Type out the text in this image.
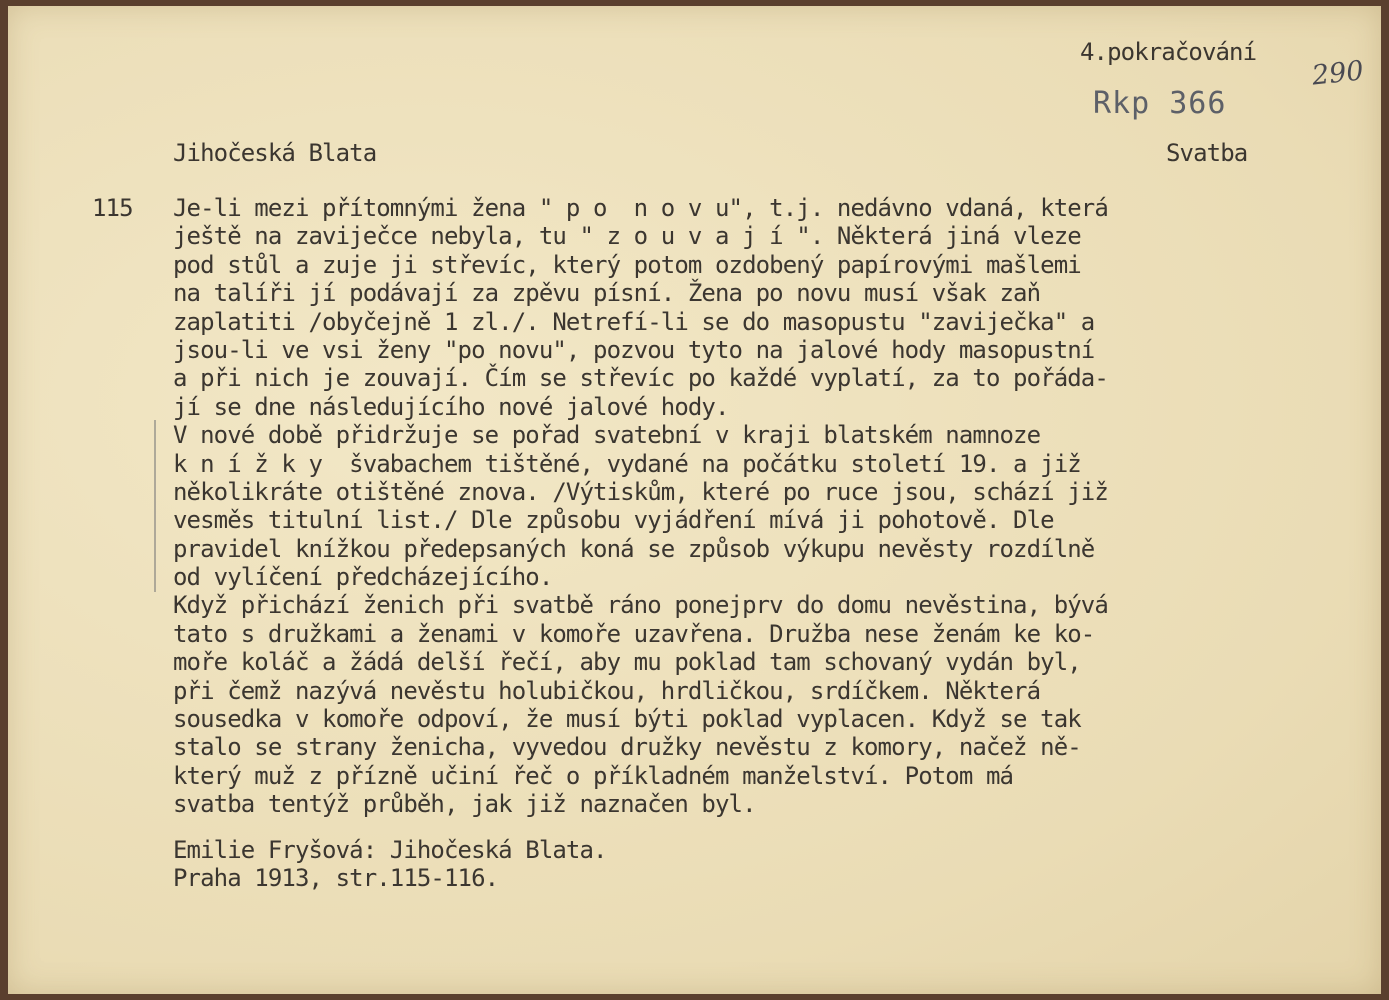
4.pokračování
290
Rkp 366
Jihočeská Blata	Svatba
115 Je-li mezi přítomnými žena " p o  n o v u", t.j. nedávno vdaná, která
ještě na zaviječce nebyla, tu " z o u v a j í ". Některá jiná vleze
pod stůl a zuje ji střevíc, který potom ozdobený papírovými mašlemi
na talíři jí podávají za zpěvu písní. Žena po novu musí však zaň
zaplatiti /obyčejně 1 zl./. Netrefí-li se do masopustu "zaviječka" a
jsou-li ve vsi ženy "po novu", pozvou tyto na jalové hody masopustní
a při nich je zouvají. Čím se střevíc po každé vyplatí, za to pořáda-
jí se dne následujícího nové jalové hody.
V nové době přidržuje se pořad svatební v kraji blatském namnoze
k n í ž k y  švabachem tištěné, vydané na počátku století 19. a již
několikráte otištěné znova. /Výtiskům, které po ruce jsou, schází již
vesměs titulní list./ Dle způsobu vyjádření mívá ji pohotově. Dle
pravidel knížkou předepsaných koná se způsob výkupu nevěsty rozdílně
od vylíčení předcházejícího.
Když přichází ženich při svatbě ráno ponejprv do domu nevěstina, bývá
tato s družkami a ženami v komoře uzavřena. Družba nese ženám ke ko-
moře koláč a žádá delší řečí, aby mu poklad tam schovaný vydán byl,
při čemž nazývá nevěstu holubičkou, hrdličkou, srdíčkem. Některá
sousedka v komoře odpoví, že musí býti poklad vyplacen. Když se tak
stalo se strany ženicha, vyvedou družky nevěstu z komory, načež ně-
který muž z přízně učiní řeč o příkladném manželství. Potom má
svatba tentýž průběh, jak již naznačen byl.
Emilie Fryšová: Jihočeská Blata.
Praha 1913, str.115-116.
